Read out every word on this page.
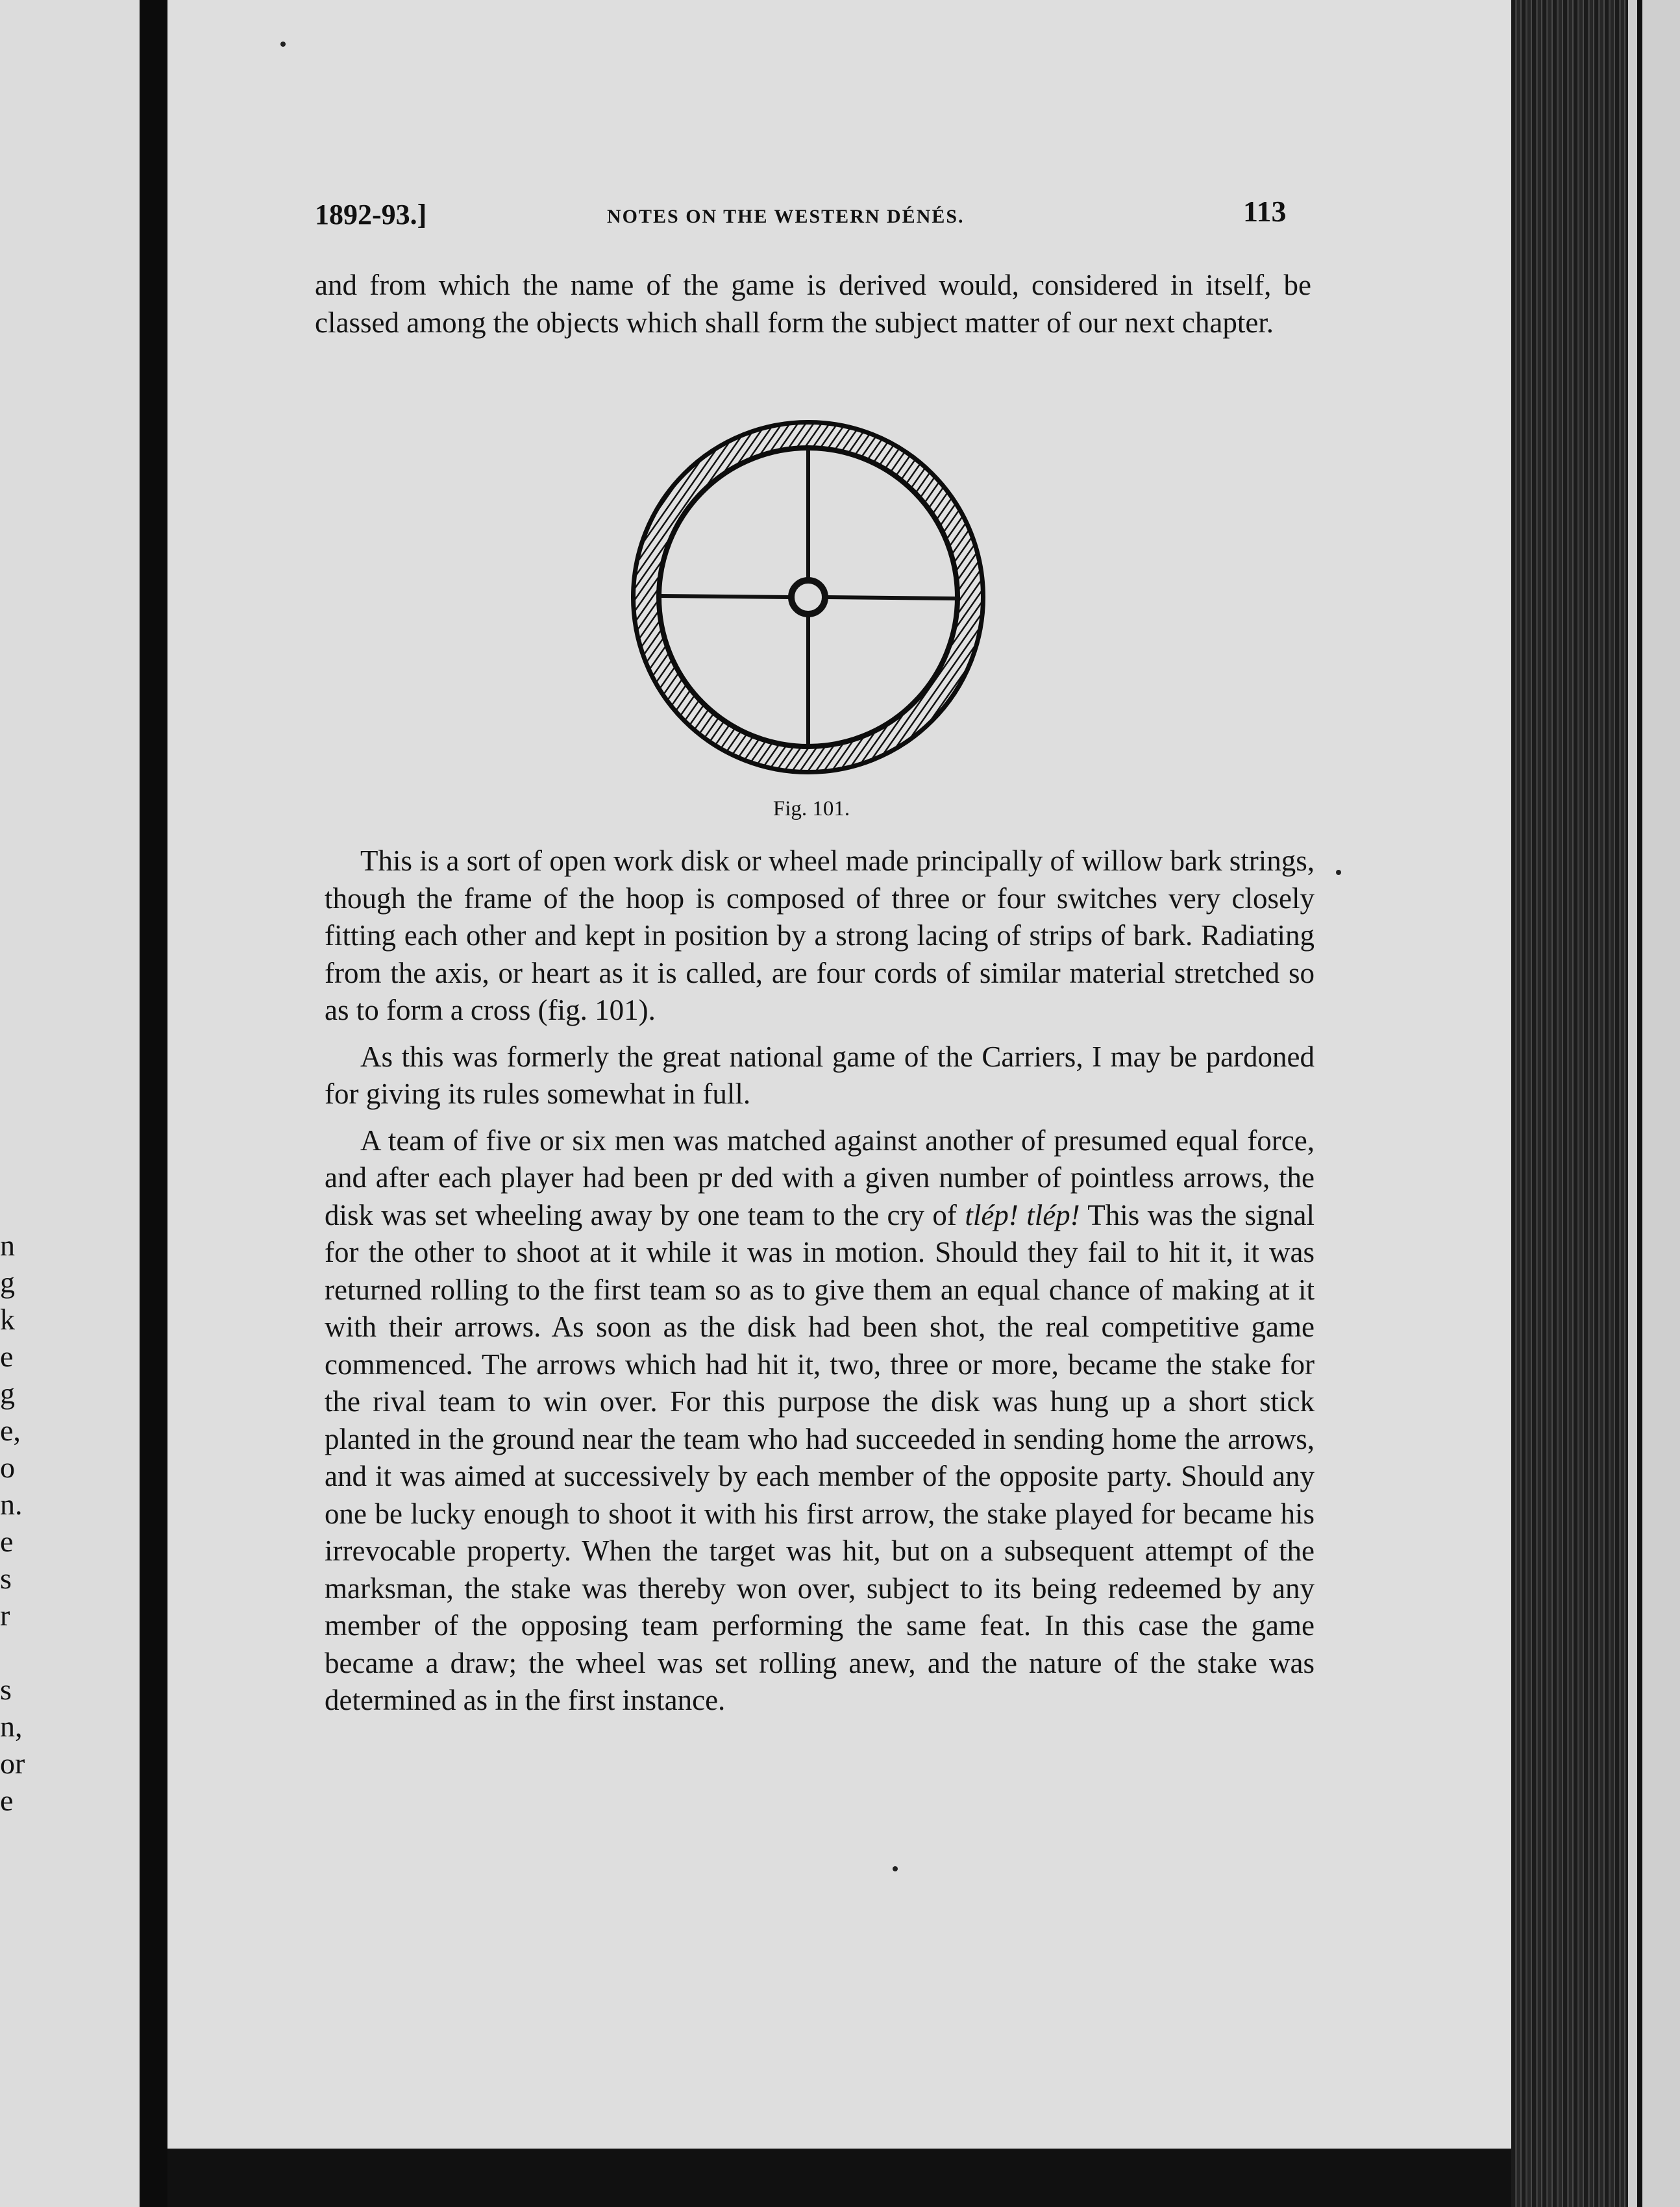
n
g
k
e
g
e,
o
n.
e
s
r

s
n,
or
e
1892-93.]	NOTES ON THE WESTERN DÉNÉS.	113

and from which the name of the game is derived would, considered in itself, be classed among the objects which shall form the subject matter of our next chapter.

Fig. 101.

This is a sort of open work disk or wheel made principally of willow bark strings, though the frame of the hoop is composed of three or four switches very closely fitting each other and kept in position by a strong lacing of strips of bark. Radiating from the axis, or heart as it is called, are four cords of similar material stretched so as to form a cross (fig. 101).

As this was formerly the great national game of the Carriers, I may be pardoned for giving its rules somewhat in full.

A team of five or six men was matched against another of presumed equal force, and after each player had been pr ded with a given number of pointless arrows, the disk was set wheeling away by one team to the cry of tlép! tlép! This was the signal for the other to shoot at it while it was in motion. Should they fail to hit it, it was returned rolling to the first team so as to give them an equal chance of making at it with their arrows. As soon as the disk had been shot, the real competitive game commenced. The arrows which had hit it, two, three or more, became the stake for the rival team to win over. For this purpose the disk was hung up a short stick planted in the ground near the team who had succeeded in sending home the arrows, and it was aimed at successively by each member of the opposite party. Should any one be lucky enough to shoot it with his first arrow, the stake played for became his irrevocable property. When the target was hit, but on a subsequent attempt of the marksman, the stake was thereby won over, subject to its being redeemed by any member of the opposing team performing the same feat. In this case the game became a draw; the wheel was set rolling anew, and the nature of the stake was determined as in the first instance.
